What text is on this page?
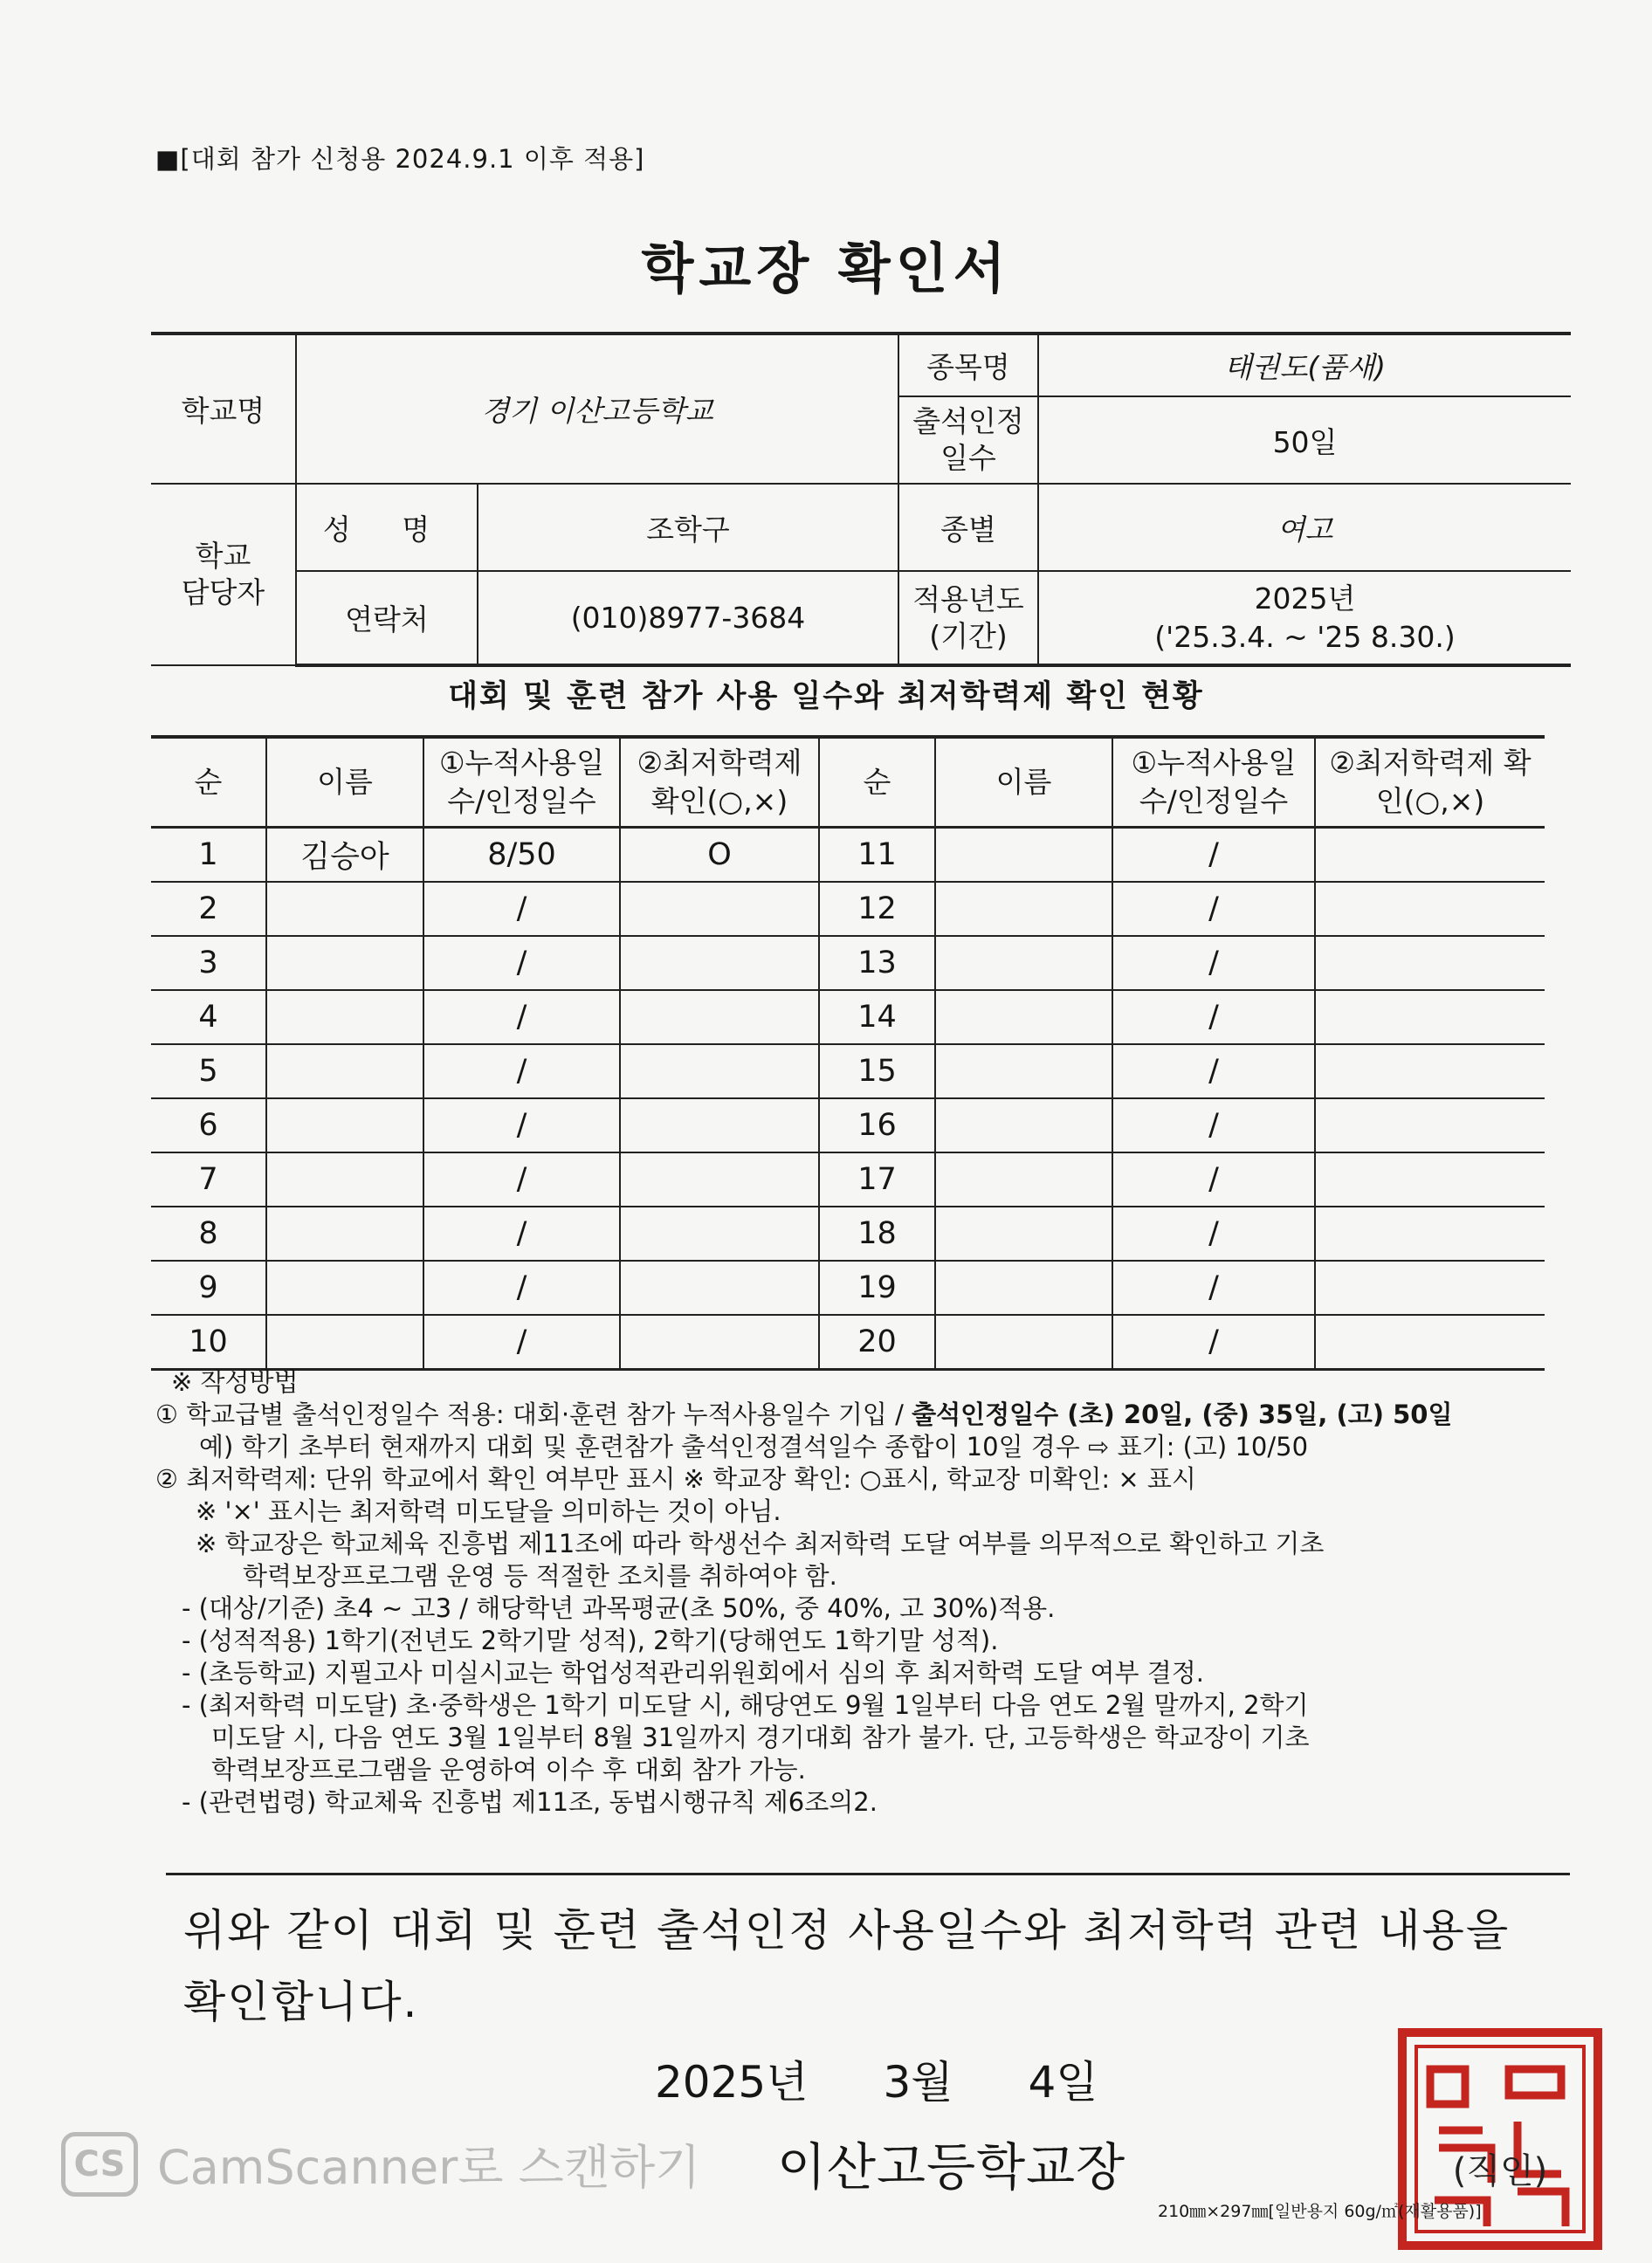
■[대회 참가 신청용 2024.9.1 이후 적용]
학교장 확인서
학교명	경기 이산고등학교		종목명	태권도(품새)
			출석인정 일수	50일
학교 담당자	성 명	조학구	종별	여고
	연락처	(010)8977-3684	적용년도 (기간)	2025년
('25.3.4. ~ '25 8.30.)
대회 및 훈련 참가 사용 일수와 최저학력제 확인 현황
순	이름	①누적사용일수/인정일수	②최저학력제 확인(○,×)	순	이름	①누적사용일수/인정일수	②최저학력제 확인(○,×)
1	김승아	8/50	O	11		/	
2		/		12		/	
3		/		13		/	
4		/		14		/	
5		/		15		/	
6		/		16		/	
7		/		17		/	
8		/		18		/	
9		/		19		/	
10		/		20		/	
※ 작성방법
① 학교급별 출석인정일수 적용: 대회·훈련 참가 누적사용일수 기입 / 출석인정일수 (초) 20일, (중) 35일, (고) 50일
예) 학기 초부터 현재까지 대회 및 훈련참가 출석인정결석일수 종합이 10일 경우 ⇨ 표기: (고) 10/50
② 최저학력제: 단위 학교에서 확인 여부만 표시 ※ 학교장 확인: ○표시, 학교장 미확인: × 표시
※ '×' 표시는 최저학력 미도달을 의미하는 것이 아님.
※ 학교장은 학교체육 진흥법 제11조에 따라 학생선수 최저학력 도달 여부를 의무적으로 확인하고 기초
학력보장프로그램 운영 등 적절한 조치를 취하여야 함.
- (대상/기준) 초4 ~ 고3 / 해당학년 과목평균(초 50%, 중 40%, 고 30%)적용.
- (성적적용) 1학기(전년도 2학기말 성적), 2학기(당해연도 1학기말 성적).
- (초등학교) 지필고사 미실시교는 학업성적관리위원회에서 심의 후 최저학력 도달 여부 결정.
- (최저학력 미도달) 초·중학생은 1학기 미도달 시, 해당연도 9월 1일부터 다음 연도 2월 말까지, 2학기
미도달 시, 다음 연도 3월 1일부터 8월 31일까지 경기대회 참가 불가. 단, 고등학생은 학교장이 기초
학력보장프로그램을 운영하여 이수 후 대회 참가 가능.
- (관련법령) 학교체육 진흥법 제11조, 동법시행규칙 제6조의2.
위와 같이 대회 및 훈련 출석인정 사용일수와 최저학력 관련 내용을 확인합니다.
2025년 3월 4일
이산고등학교장	(직인)
210㎜×297㎜[일반용지 60g/㎡(재활용품)]
CS CamScanner로 스캔하기
